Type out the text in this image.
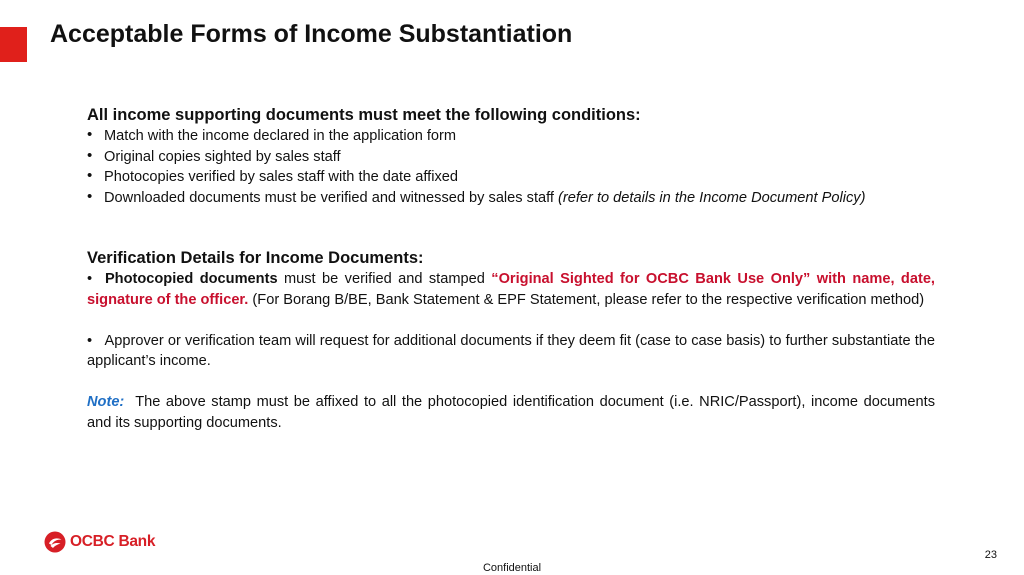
Acceptable Forms of Income Substantiation

All income supporting documents must meet the following conditions:

• Match with the income declared in the application form
• Original copies sighted by sales staff
• Photocopies verified by sales staff with the date affixed
• Downloaded documents must be verified and witnessed by sales staff (refer to details in the Income Document Policy)

Verification Details for Income Documents:

•  Photocopied documents must be verified and stamped “Original Sighted for OCBC Bank Use Only” with name, date, signature of the officer. (For Borang B/BE, Bank Statement & EPF Statement, please refer to the respective verification method)

•   Approver or verification team will request for additional documents if they deem fit (case to case basis) to further substantiate the applicant’s income.

Note:  The above stamp must be affixed to all the photocopied identification document (i.e. NRIC/Passport), income documents and its supporting documents.

OCBC Bank
23
Confidential
